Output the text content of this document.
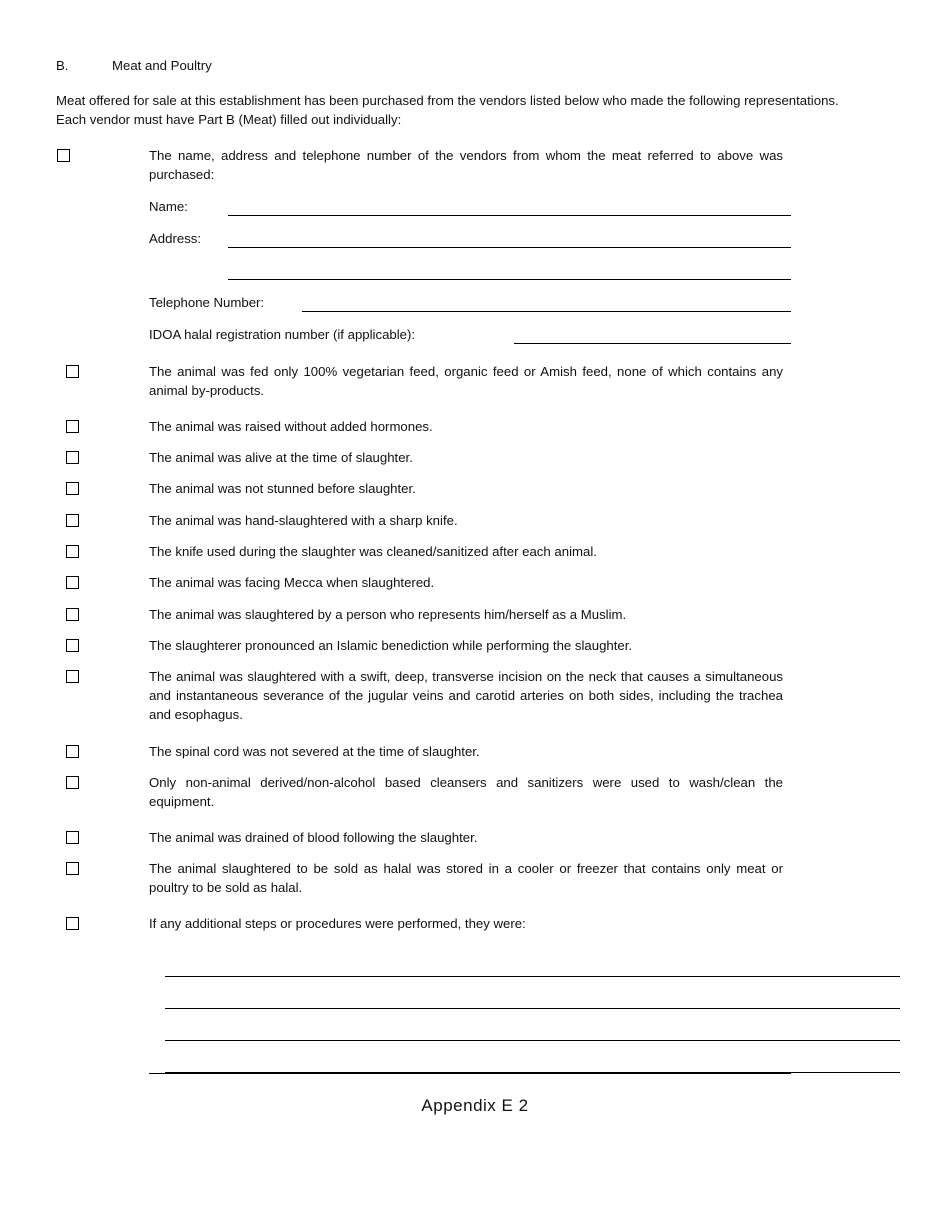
B.	Meat and Poultry
Meat offered for sale at this establishment has been purchased from the vendors listed below who made the following representations.
Each vendor must have Part B (Meat) filled out individually:
The name, address and telephone number of the vendors from whom the meat referred to above was purchased:
Name:
Address:
Telephone Number:
IDOA halal registration number (if applicable):
The animal was fed only 100% vegetarian feed, organic feed or Amish feed, none of which contains any animal by-products.
The animal was raised without added hormones.
The animal was alive at the time of slaughter.
The animal was not stunned before slaughter.
The animal was hand-slaughtered with a sharp knife.
The knife used during the slaughter was cleaned/sanitized after each animal.
The animal was facing Mecca when slaughtered.
The animal was slaughtered by a person who represents him/herself as a Muslim.
The slaughterer pronounced an Islamic benediction while performing the slaughter.
The animal was slaughtered with a swift, deep, transverse incision on the neck that causes a simultaneous and instantaneous severance of the jugular veins and carotid arteries on both sides, including the trachea and esophagus.
The spinal cord was not severed at the time of slaughter.
Only non-animal derived/non-alcohol based cleansers and sanitizers were used to wash/clean the equipment.
The animal was drained of blood following the slaughter.
The animal slaughtered to be sold as halal was stored in a cooler or freezer that contains only meat or poultry to be sold as halal.
If any additional steps or procedures were performed, they were:
Appendix E 2
